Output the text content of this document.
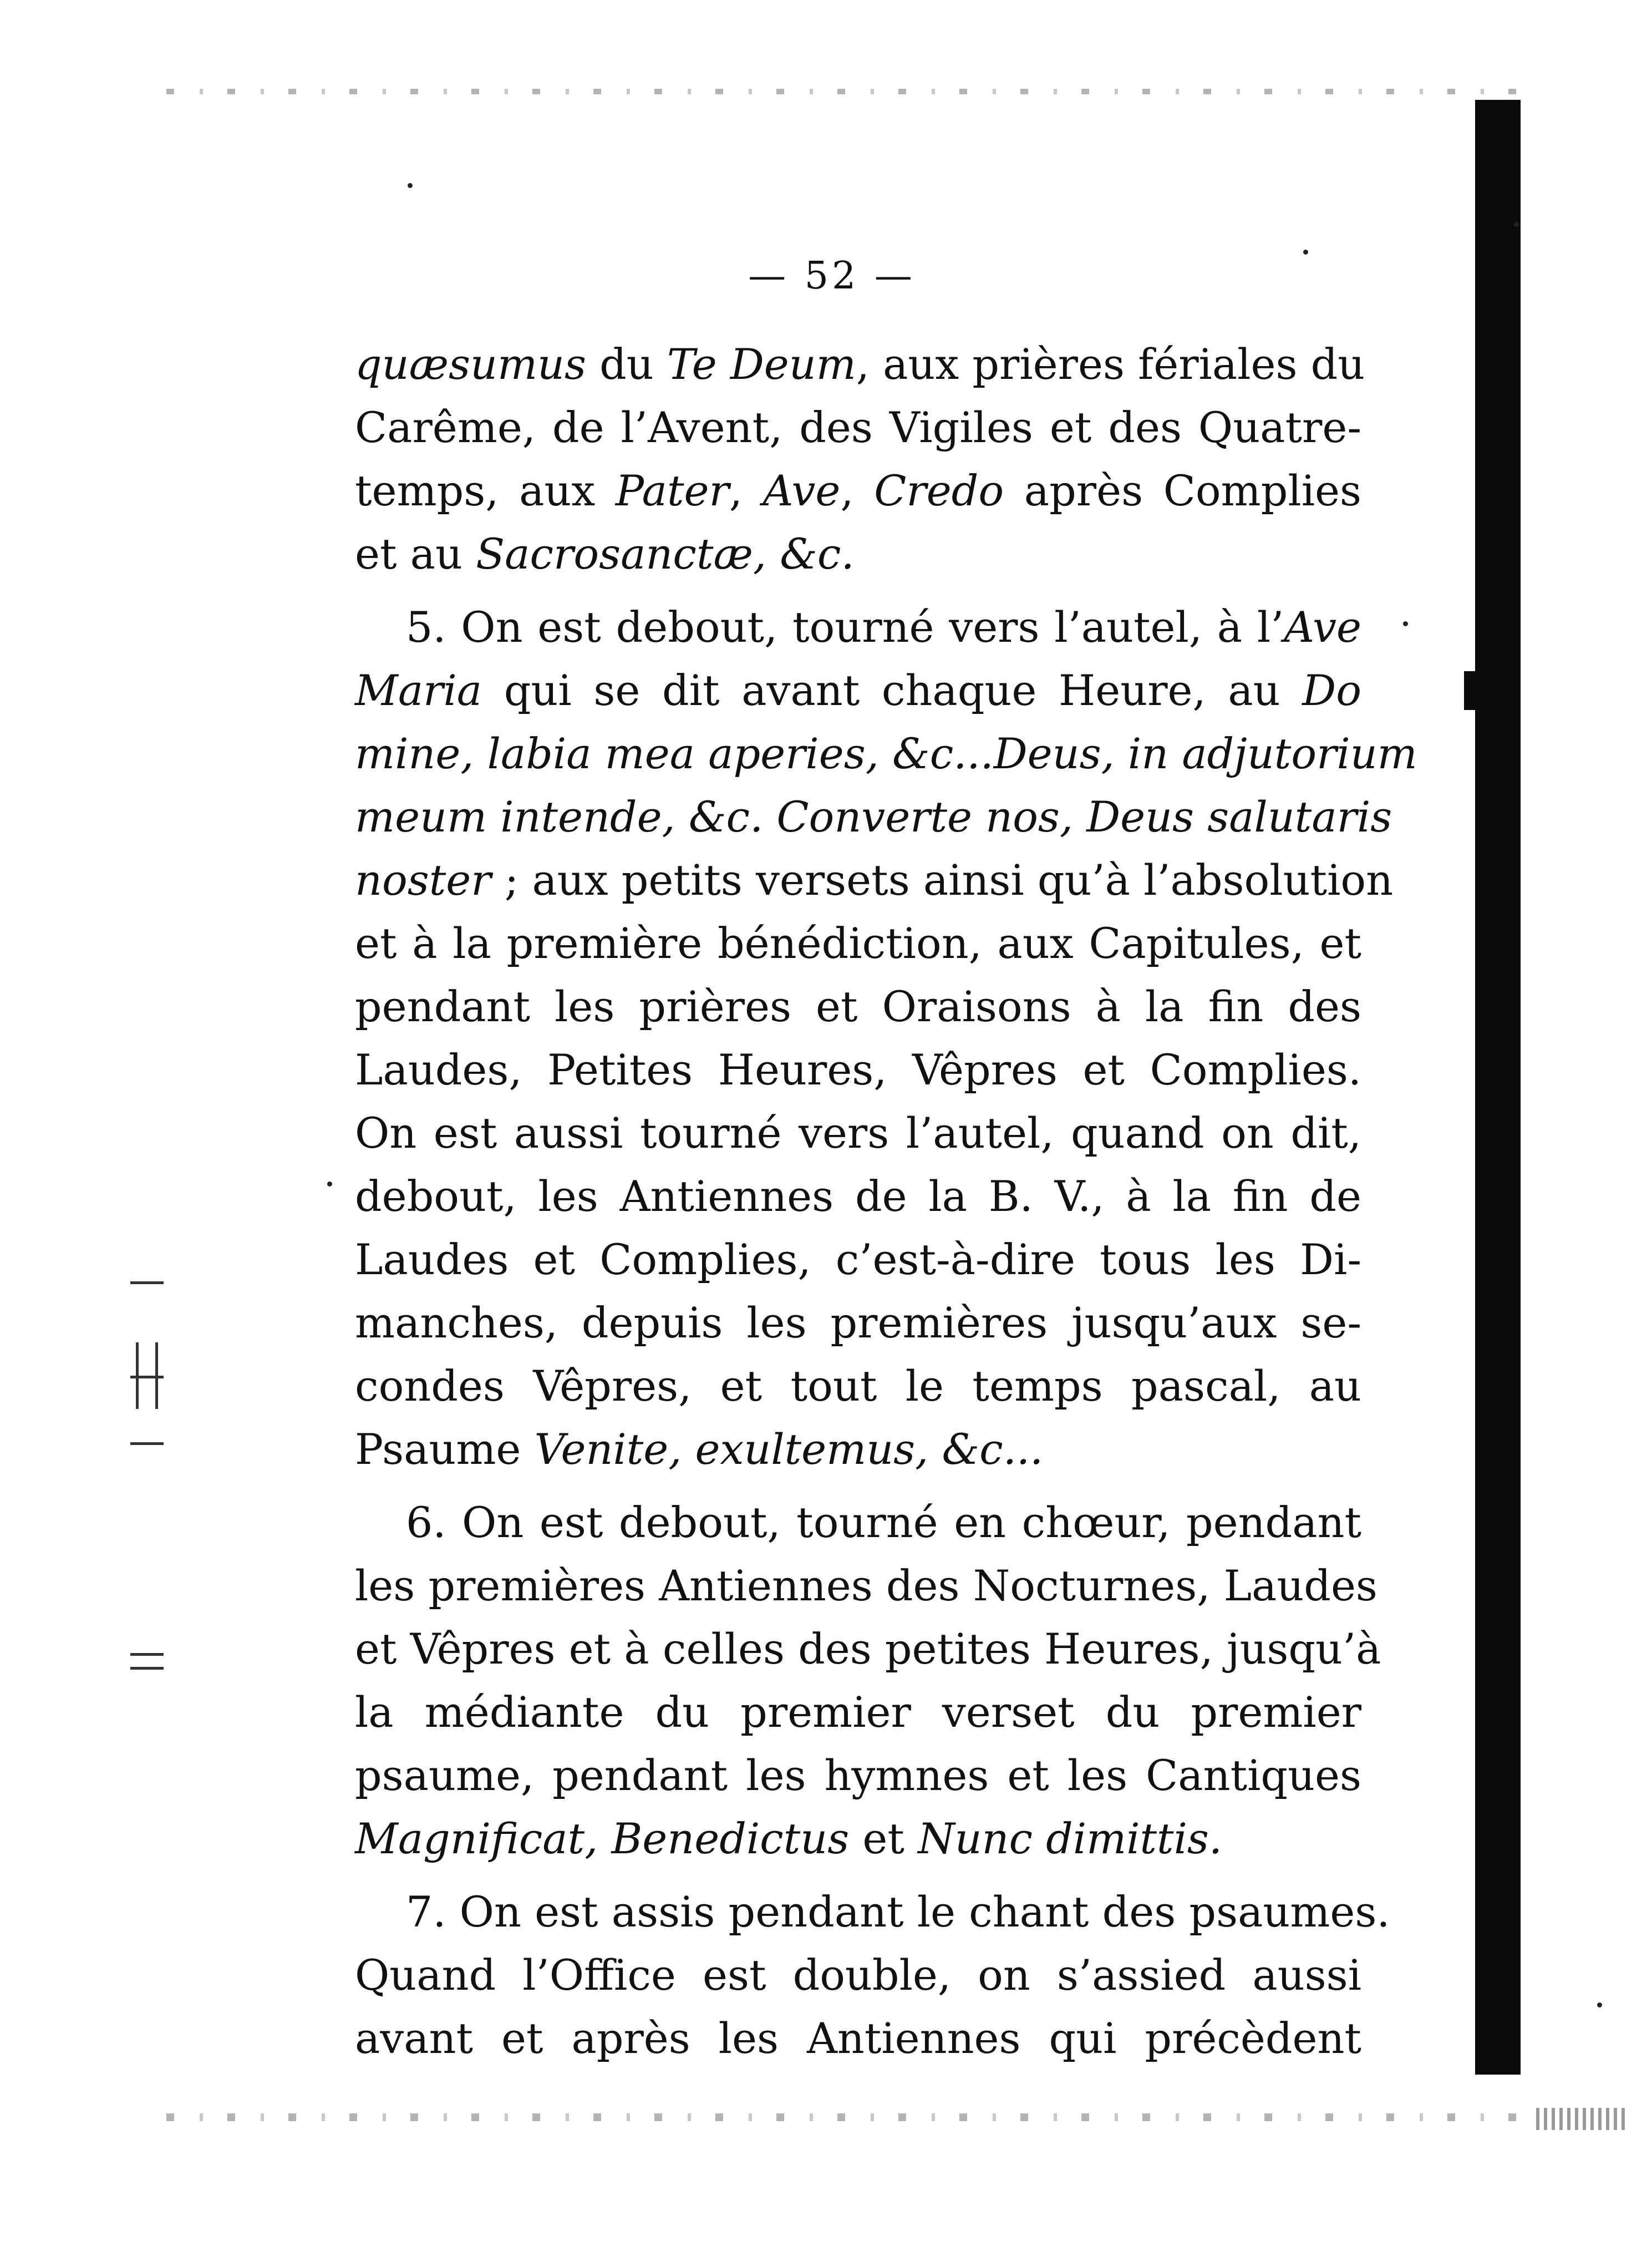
— 52 —

quæsumus du Te Deum, aux prières fériales du
Carême, de l’Avent, des Vigiles et des Quatre-
temps, aux Pater, Ave, Credo après Complies
et au Sacrosanctæ, &c.

5. On est debout, tourné vers l’autel, à l’Ave
Maria qui se dit avant chaque Heure, au Do
mine, labia mea aperies, &c...Deus, in adjutorium
meum intende, &c. Converte nos, Deus salutaris
noster ; aux petits versets ainsi qu’à l’absolution
et à la première bénédiction, aux Capitules, et
pendant les prières et Oraisons à la fin des
Laudes, Petites Heures, Vêpres et Complies.
On est aussi tourné vers l’autel, quand on dit,
debout, les Antiennes de la B. V., à la fin de
Laudes et Complies, c’est-à-dire tous les Di-
manches, depuis les premières jusqu’aux se-
condes Vêpres, et tout le temps pascal, au
Psaume Venite, exultemus, &c...

6. On est debout, tourné en chœur, pendant
les premières Antiennes des Nocturnes, Laudes
et Vêpres et à celles des petites Heures, jusqu’à
la médiante du premier verset du premier
psaume, pendant les hymnes et les Cantiques
Magnificat, Benedictus et Nunc dimittis.

7. On est assis pendant le chant des psaumes.
Quand l’Office est double, on s’assied aussi
avant et après les Antiennes qui précèdent
